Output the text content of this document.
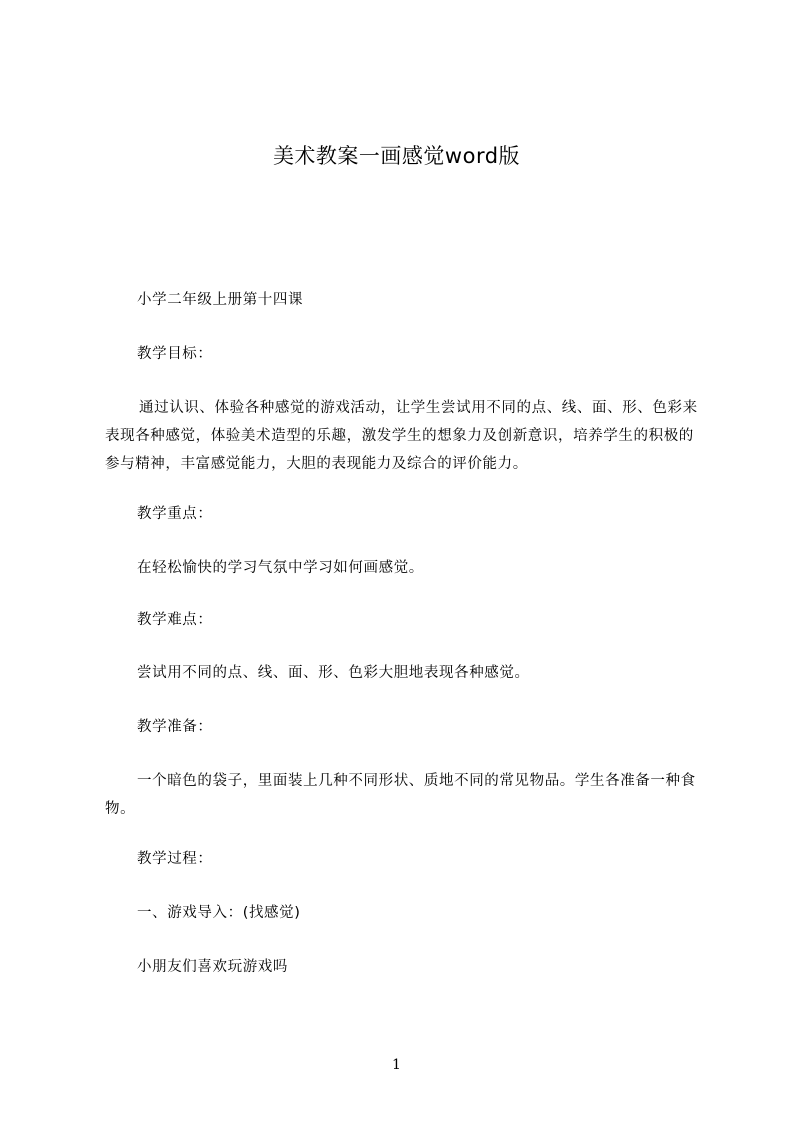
美术教案一画感觉word版
小学二年级上册第十四课
教学目标：
通过认识、体验各种感觉的游戏活动，让学生尝试用不同的点、线、面、形、色彩来表现各种感觉，体验美术造型的乐趣，激发学生的想象力及创新意识，培养学生的积极的参与精神，丰富感觉能力，大胆的表现能力及综合的评价能力。
教学重点：
在轻松愉快的学习气氛中学习如何画感觉。
教学难点：
尝试用不同的点、线、面、形、色彩大胆地表现各种感觉。
教学准备：
一个暗色的袋子，里面装上几种不同形状、质地不同的常见物品。学生各准备一种食物。
教学过程：
一、游戏导入：(找感觉)
小朋友们喜欢玩游戏吗
1
